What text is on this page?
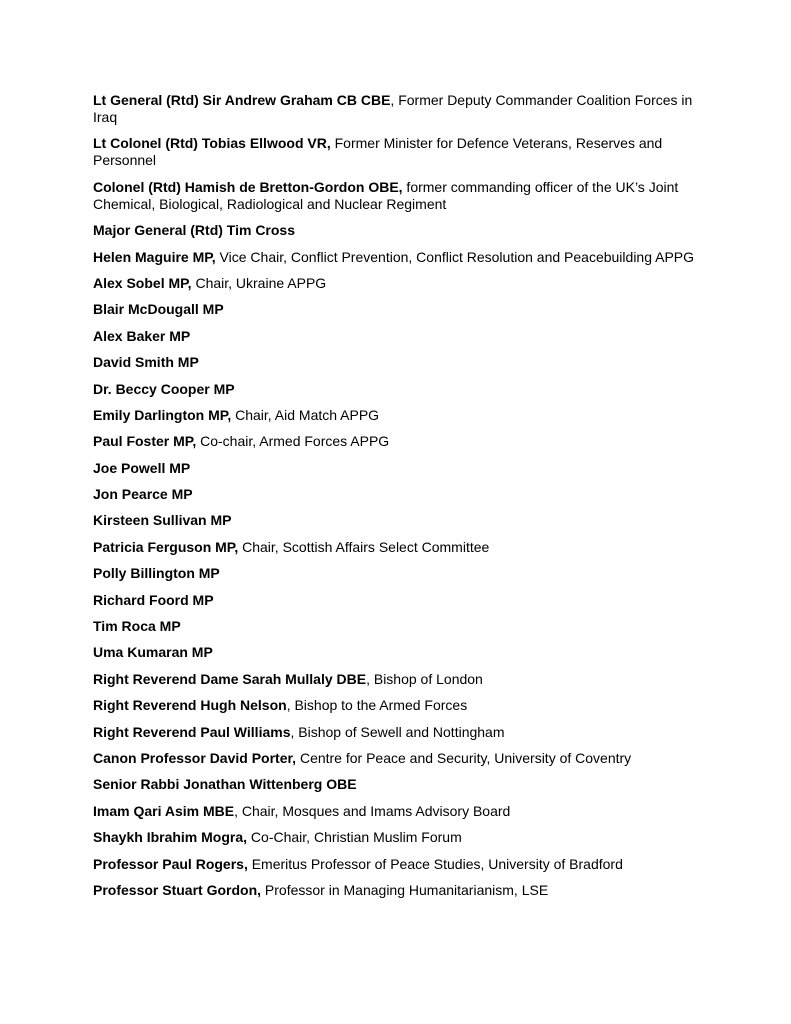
Lt General (Rtd) Sir Andrew Graham CB CBE, Former Deputy Commander Coalition Forces in Iraq
Lt Colonel (Rtd) Tobias Ellwood VR, Former Minister for Defence Veterans, Reserves and Personnel
Colonel (Rtd) Hamish de Bretton-Gordon OBE, former commanding officer of the UK’s Joint Chemical, Biological, Radiological and Nuclear Regiment
Major General (Rtd) Tim Cross
Helen Maguire MP, Vice Chair, Conflict Prevention, Conflict Resolution and Peacebuilding APPG
Alex Sobel MP, Chair, Ukraine APPG
Blair McDougall MP
Alex Baker MP
David Smith MP
Dr. Beccy Cooper MP
Emily Darlington MP, Chair, Aid Match APPG
Paul Foster MP, Co-chair, Armed Forces APPG
Joe Powell MP
Jon Pearce MP
Kirsteen Sullivan MP
Patricia Ferguson MP, Chair, Scottish Affairs Select Committee
Polly Billington MP
Richard Foord MP
Tim Roca MP
Uma Kumaran MP
Right Reverend Dame Sarah Mullaly DBE, Bishop of London
Right Reverend Hugh Nelson, Bishop to the Armed Forces
Right Reverend Paul Williams, Bishop of Sewell and Nottingham
Canon Professor David Porter, Centre for Peace and Security, University of Coventry
Senior Rabbi Jonathan Wittenberg OBE
Imam Qari Asim MBE, Chair, Mosques and Imams Advisory Board
Shaykh Ibrahim Mogra, Co-Chair, Christian Muslim Forum
Professor Paul Rogers, Emeritus Professor of Peace Studies, University of Bradford
Professor Stuart Gordon, Professor in Managing Humanitarianism, LSE
